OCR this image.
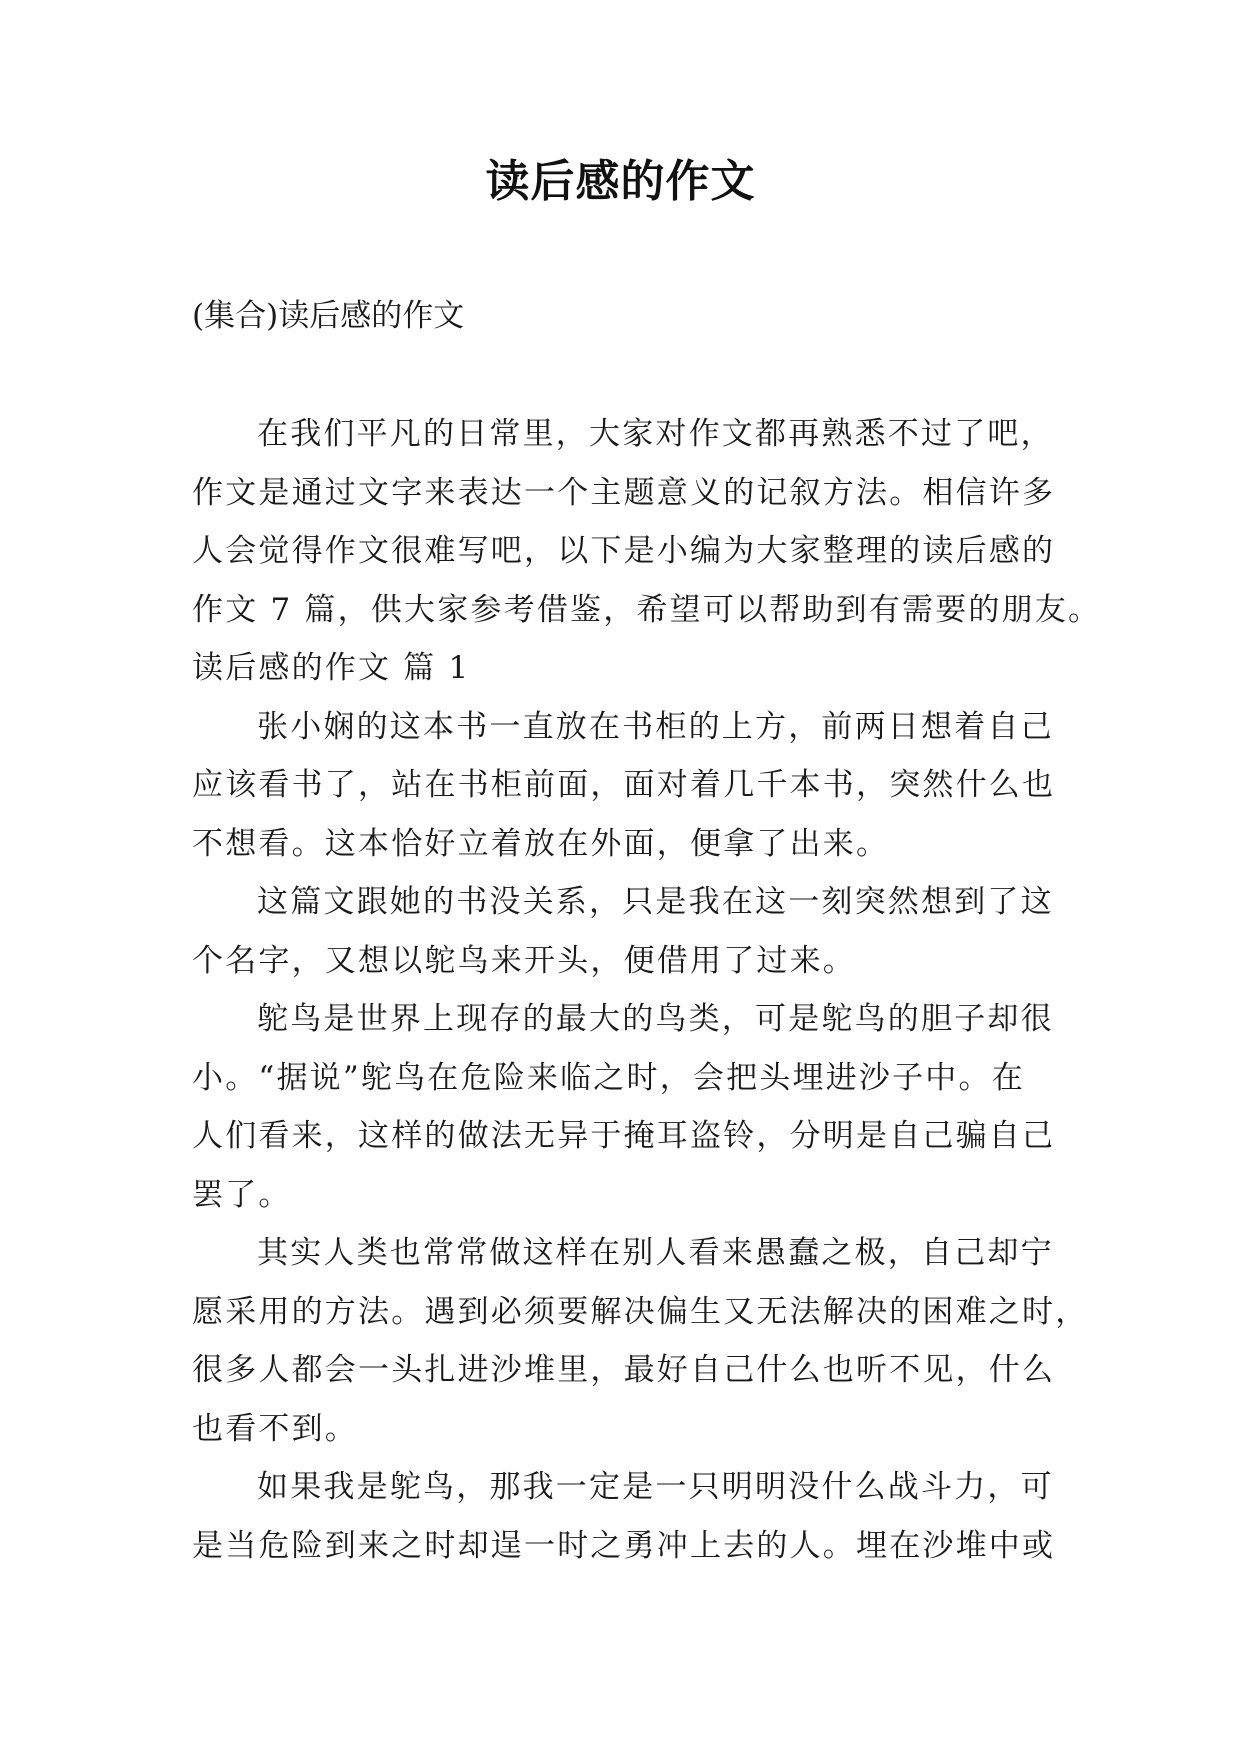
读后感的作文
(集合)读后感的作文
在我们平凡的日常里，大家对作文都再熟悉不过了吧，
作文是通过文字来表达一个主题意义的记叙方法。相信许多
人会觉得作文很难写吧，以下是小编为大家整理的读后感的
作文 7 篇，供大家参考借鉴，希望可以帮助到有需要的朋友。
读后感的作文 篇 1
张小娴的这本书一直放在书柜的上方，前两日想着自己
应该看书了，站在书柜前面，面对着几千本书，突然什么也
不想看。这本恰好立着放在外面，便拿了出来。
这篇文跟她的书没关系，只是我在这一刻突然想到了这
个名字，又想以鸵鸟来开头，便借用了过来。
鸵鸟是世界上现存的最大的鸟类，可是鸵鸟的胆子却很
小。“据说”鸵鸟在危险来临之时，会把头埋进沙子中。在
人们看来，这样的做法无异于掩耳盗铃，分明是自己骗自己
罢了。
其实人类也常常做这样在别人看来愚蠢之极，自己却宁
愿采用的方法。遇到必须要解决偏生又无法解决的困难之时，
很多人都会一头扎进沙堆里，最好自己什么也听不见，什么
也看不到。
如果我是鸵鸟，那我一定是一只明明没什么战斗力，可
是当危险到来之时却逞一时之勇冲上去的人。埋在沙堆中或
